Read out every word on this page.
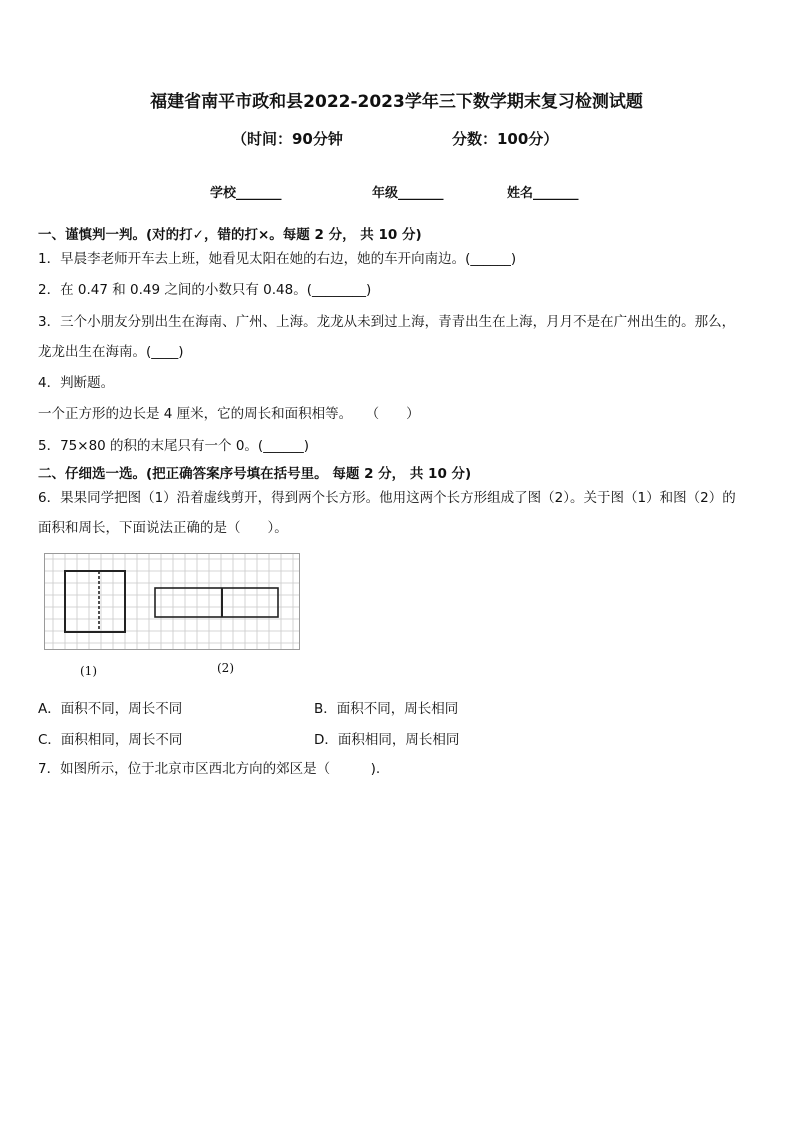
福建省南平市政和县2022-2023学年三下数学期末复习检测试题
（时间：90分钟	分数：100分）
学校_______	年级_______	姓名_______
一、谨慎判一判。(对的打✓，错的打×。每题 2 分， 共 10 分)
1．早晨李老师开车去上班，她看见太阳在她的右边，她的车开向南边。(______)
2．在 0.47 和 0.49 之间的小数只有 0.48。(________)
3．三个小朋友分别出生在海南、广州、上海。龙龙从未到过上海，青青出生在上海，月月不是在广州出生的。那么，
龙龙出生在海南。(____)
4．判断题。
一个正方形的边长是 4 厘米，它的周长和面积相等。　　（　　）
5．75×80 的积的末尾只有一个 0。(______)
二、仔细选一选。(把正确答案序号填在括号里。 每题 2 分， 共 10 分)
6．果果同学把图（1）沿着虚线剪开，得到两个长方形。他用这两个长方形组成了图（2）。关于图（1）和图（2）的
面积和周长，下面说法正确的是（　　）。
(1)	(2)
A．面积不同，周长不同	B．面积不同，周长相同
C．面积相同，周长不同	D．面积相同，周长相同
7．如图所示，位于北京市区西北方向的郊区是（　　　).
